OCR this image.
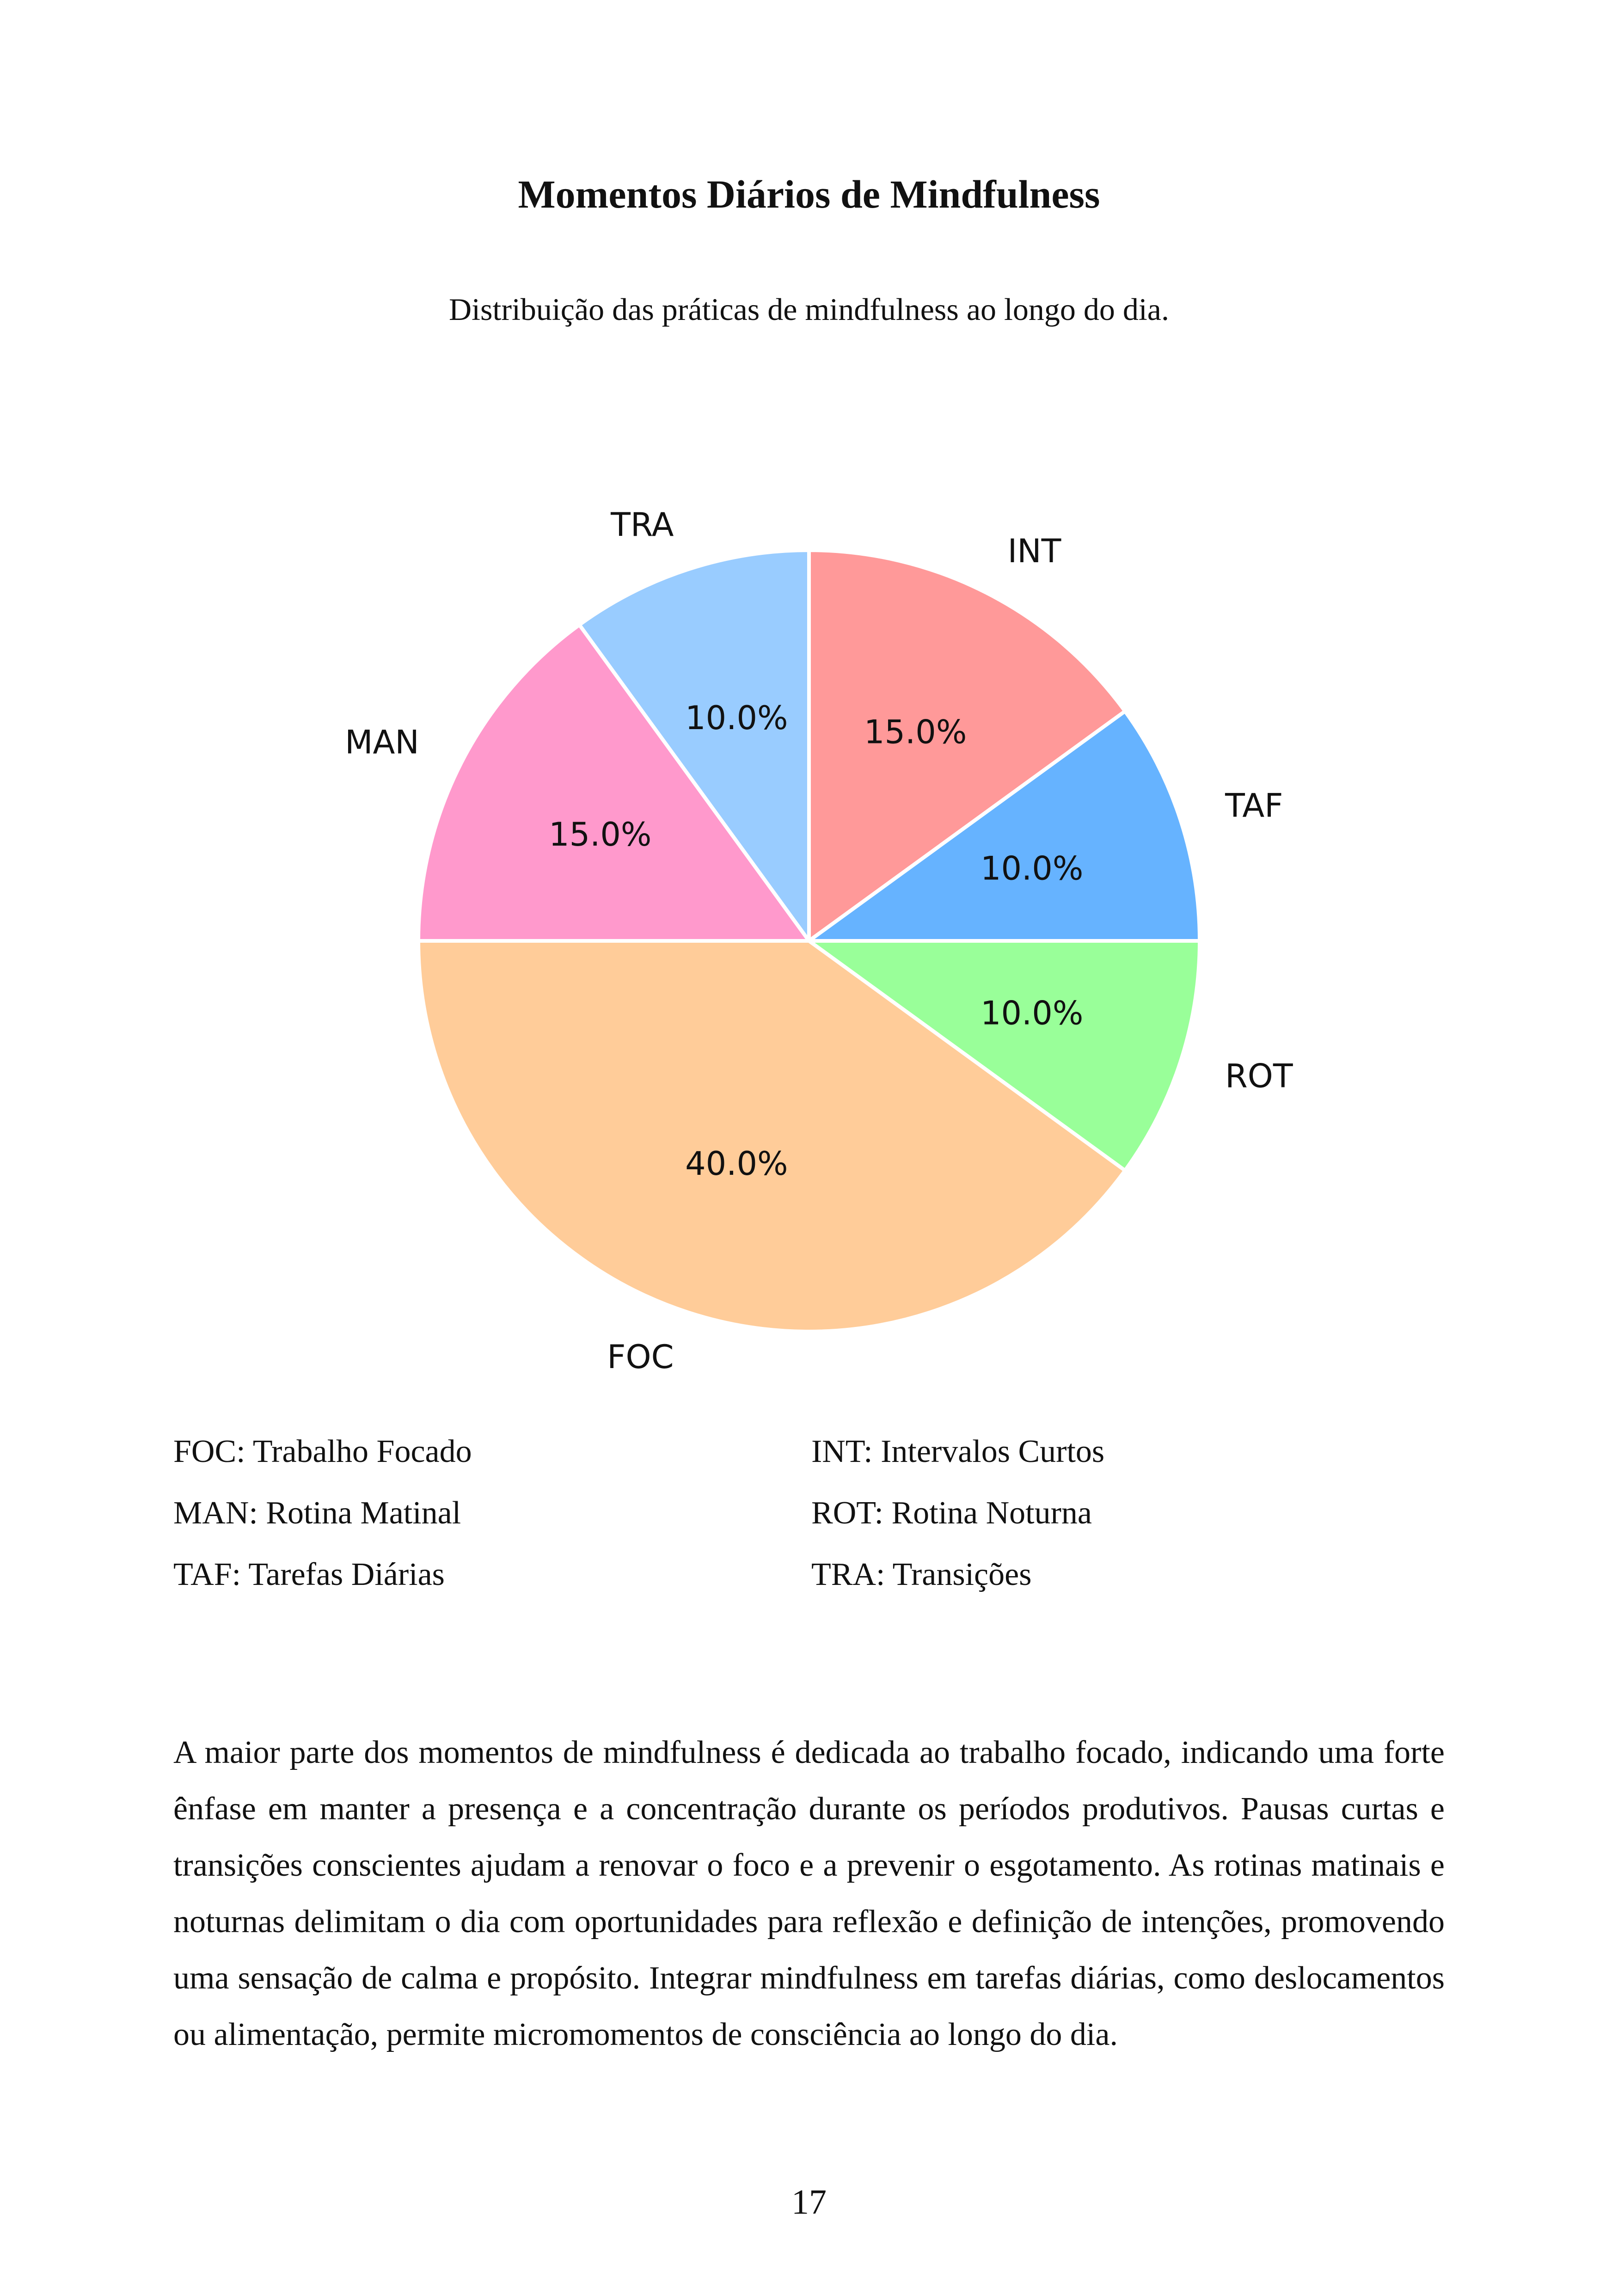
Momentos Diários de Mindfulness
Distribuição das práticas de mindfulness ao longo do dia.
15.0%
INT
10.0%
TAF
10.0%
ROT
40.0%
FOC
15.0%
MAN
10.0%
TRA
FOC: Trabalho Focado	INT: Intervalos Curtos
MAN: Rotina Matinal	ROT: Rotina Noturna
TAF: Tarefas Diárias	TRA: Transições
A maior parte dos momentos de mindfulness é dedicada ao trabalho focado, indicando uma forte ênfase em manter a presença e a concentração durante os períodos produtivos. Pausas curtas e transições conscientes ajudam a renovar o foco e a prevenir o esgotamento. As rotinas matinais e noturnas delimitam o dia com oportunidades para reflexão e definição de intenções, promovendo uma sensação de calma e propósito. Integrar mindfulness em tarefas diárias, como deslocamentos ou alimentação, permite micromomentos de consciência ao longo do dia.
17
